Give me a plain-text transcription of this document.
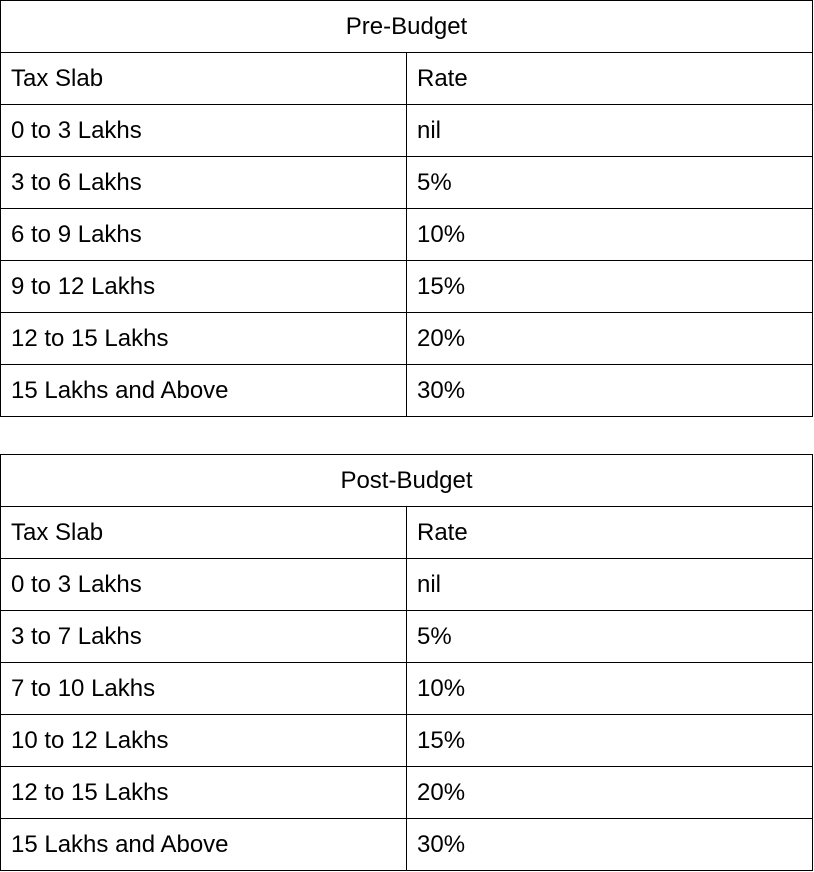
Pre-Budget	
Tax Slab	Rate
0 to 3 Lakhs	nil
3 to 6 Lakhs	5%
6 to 9 Lakhs	10%
9 to 12 Lakhs	15%
12 to 15 Lakhs	20%
15 Lakhs and Above	30%
Post-Budget	
Tax Slab	Rate
0 to 3 Lakhs	nil
3 to 7 Lakhs	5%
7 to 10 Lakhs	10%
10 to 12 Lakhs	15%
12 to 15 Lakhs	20%
15 Lakhs and Above	30%
